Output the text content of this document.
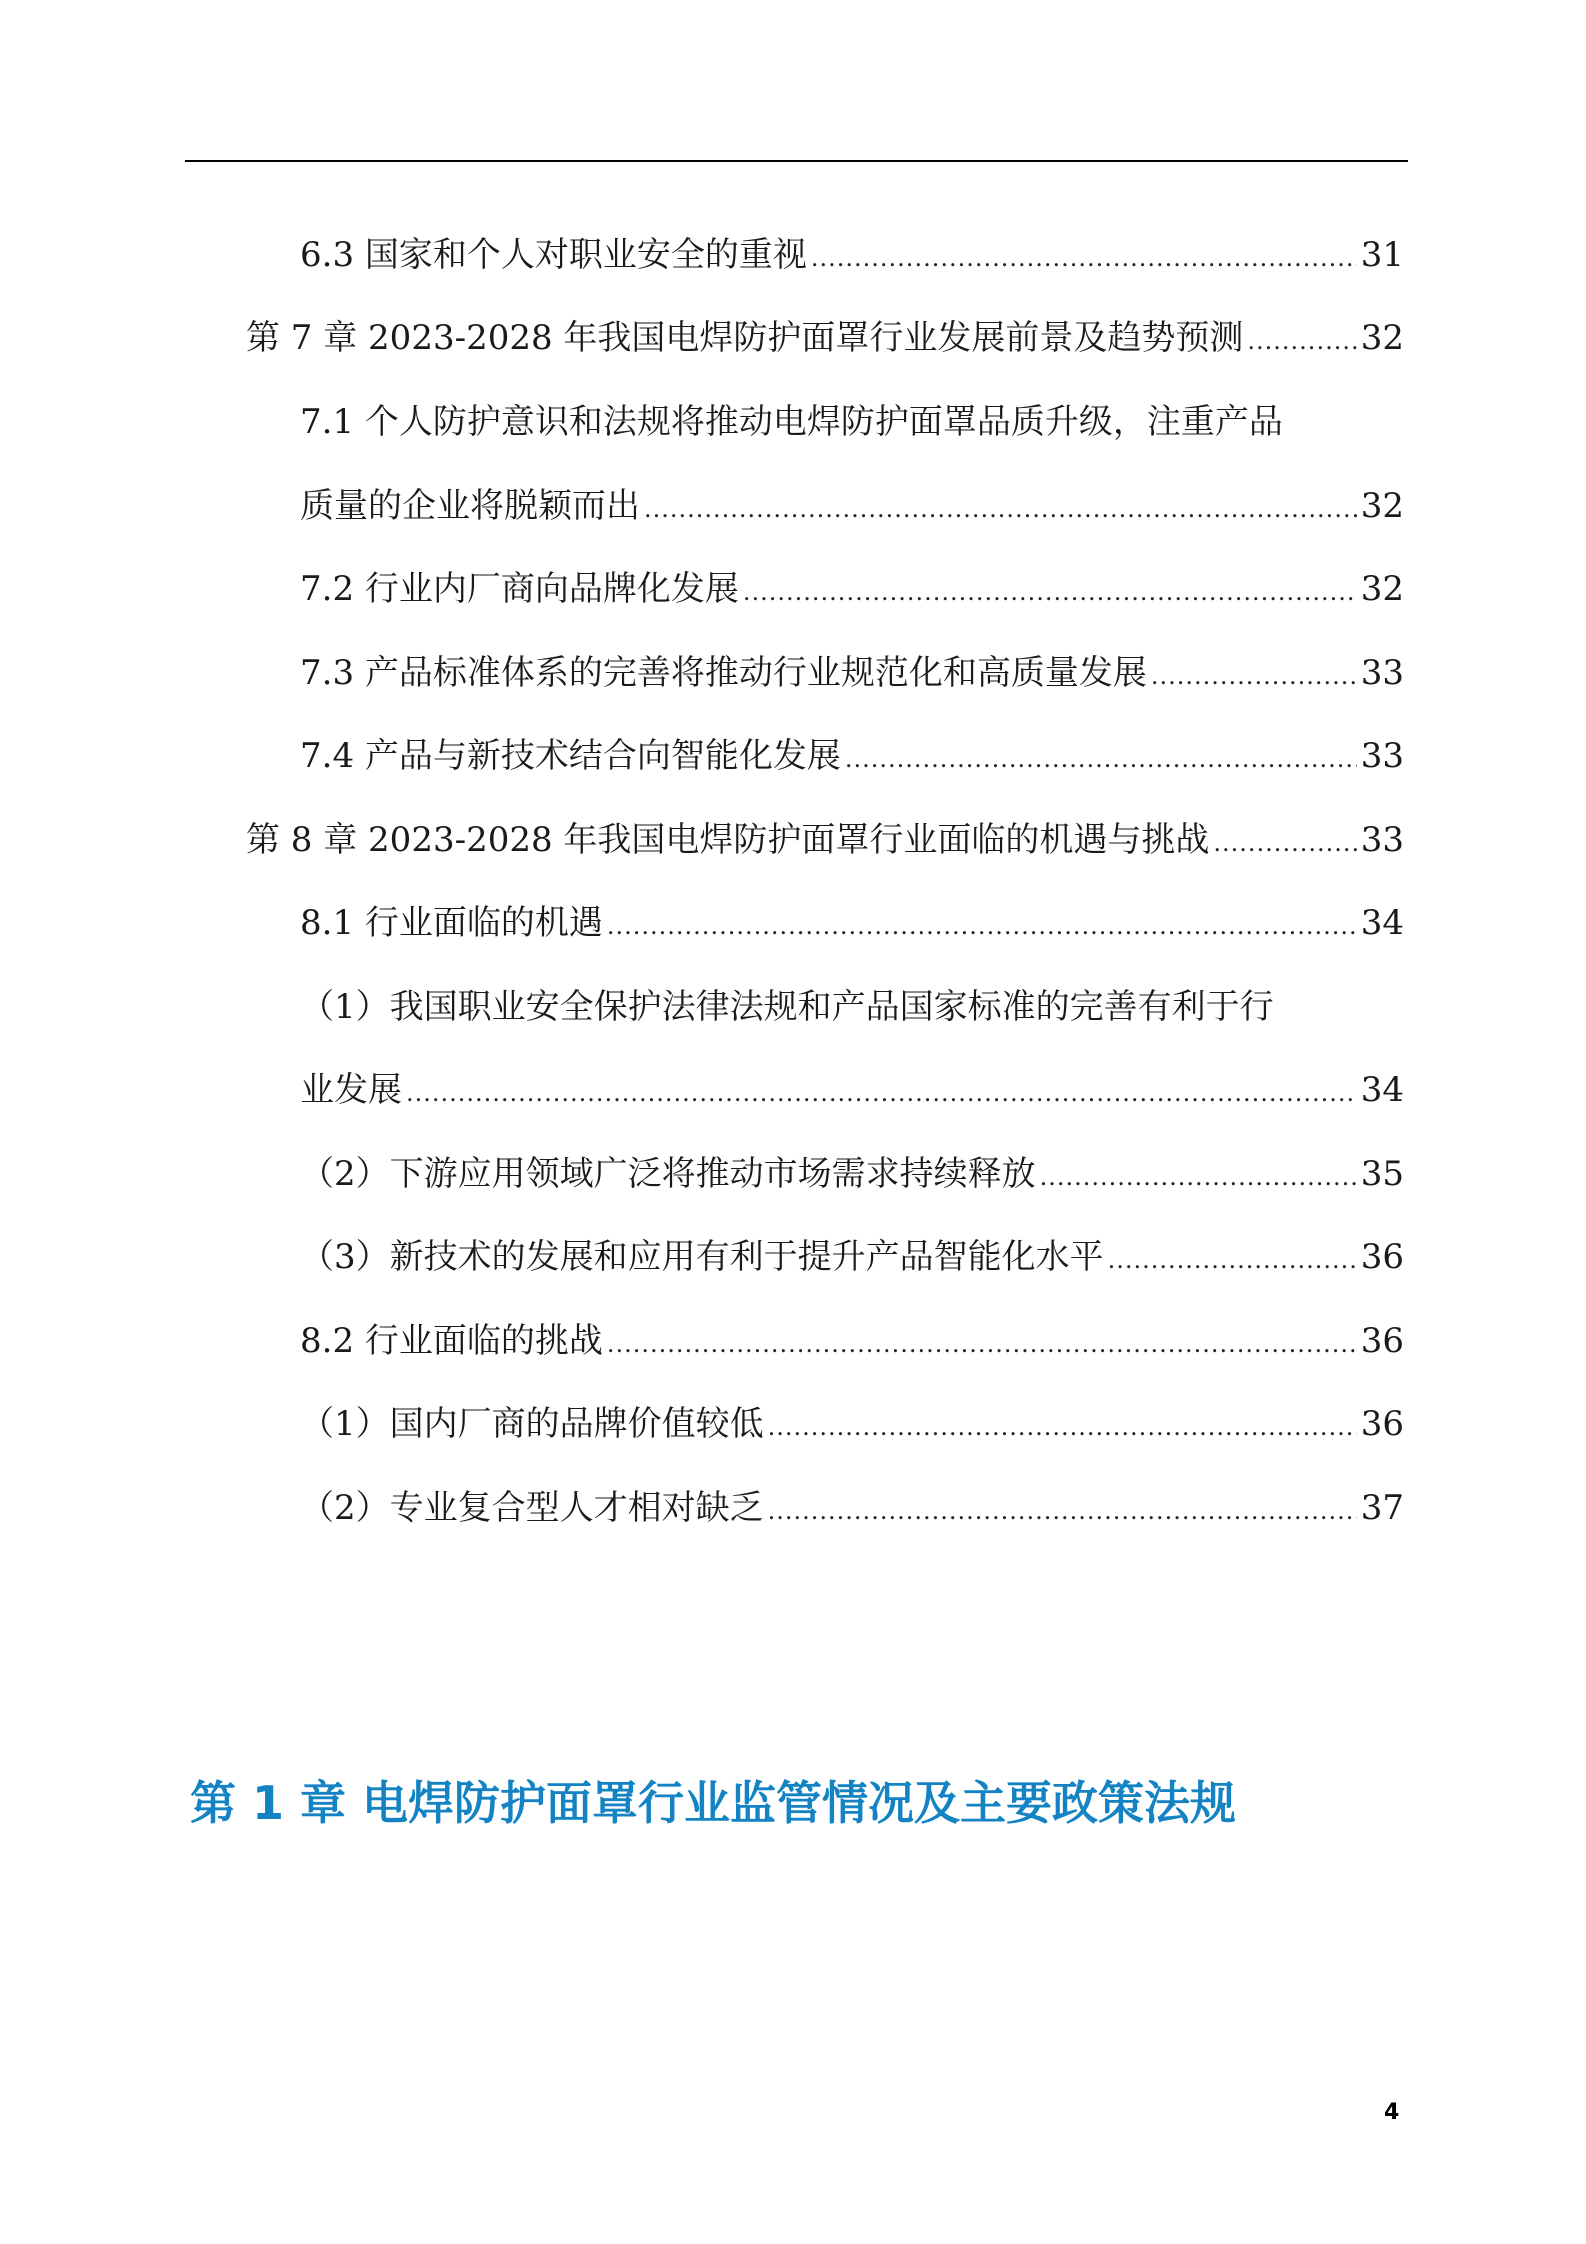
6.3 国家和个人对职业安全的重视 .....	31
第 7 章 2023-2028 年我国电焊防护面罩行业发展前景及趋势预测 .....	32
7.1 个人防护意识和法规将推动电焊防护面罩品质升级，注重产品
质量的企业将脱颖而出 .....	32
7.2 行业内厂商向品牌化发展 .....	32
7.3 产品标准体系的完善将推动行业规范化和高质量发展 .....	33
7.4 产品与新技术结合向智能化发展 .....	33
第 8 章 2023-2028 年我国电焊防护面罩行业面临的机遇与挑战 .....	33
8.1 行业面临的机遇 .....	34
（1）我国职业安全保护法律法规和产品国家标准的完善有利于行
业发展 .....	34
（2）下游应用领域广泛将推动市场需求持续释放 .....	35
（3）新技术的发展和应用有利于提升产品智能化水平 .....	36
8.2 行业面临的挑战 .....	36
（1）国内厂商的品牌价值较低 .....	36
（2）专业复合型人才相对缺乏 .....	37
第 1 章 电焊防护面罩行业监管情况及主要政策法规
4
